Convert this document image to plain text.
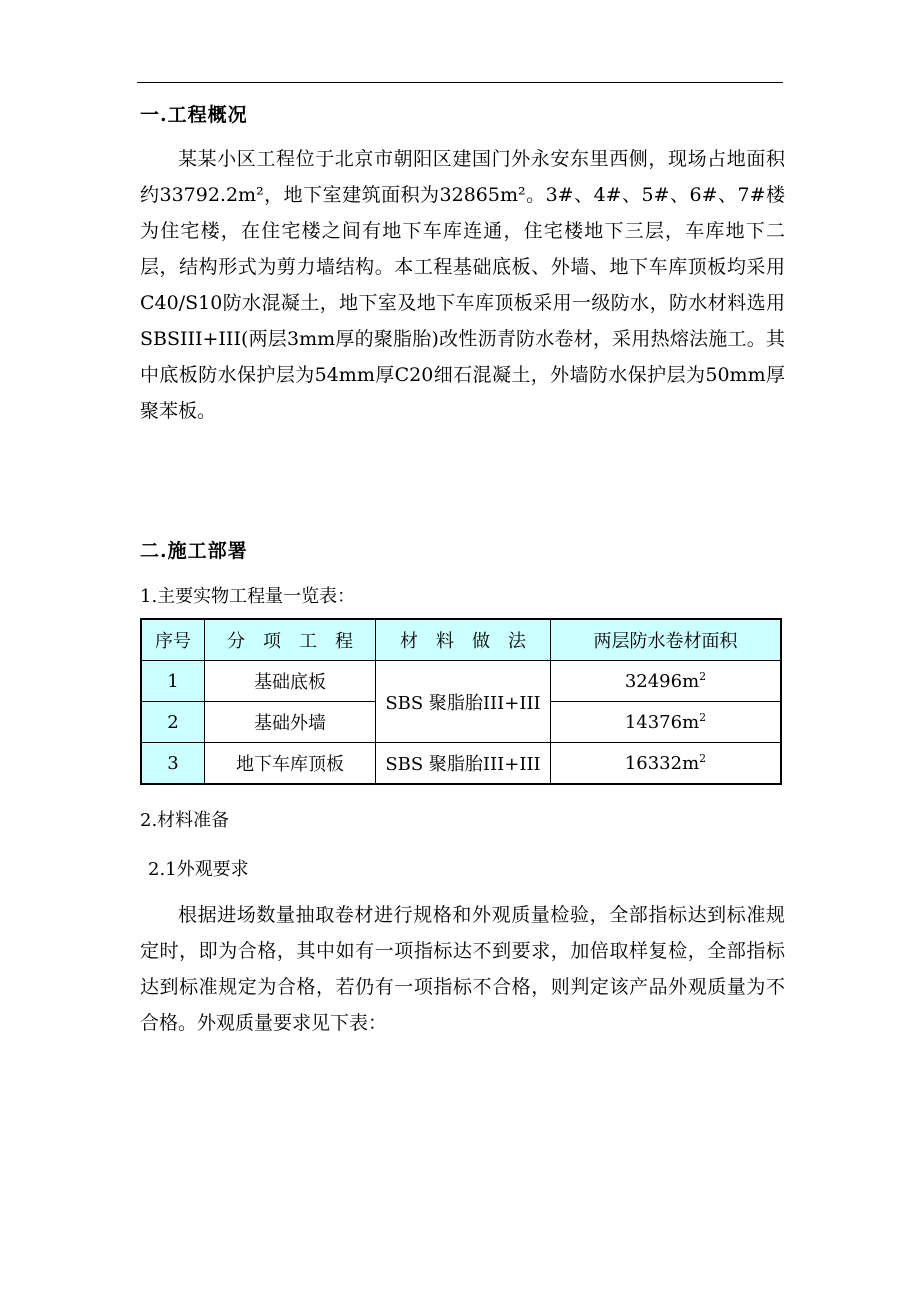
一.工程概况

某某小区工程位于北京市朝阳区建国门外永安东里西侧，现场占地面积约33792.2m²，地下室建筑面积为32865m²。3#、4#、5#、6#、7#楼为住宅楼，在住宅楼之间有地下车库连通，住宅楼地下三层，车库地下二层，结构形式为剪力墙结构。本工程基础底板、外墙、地下车库顶板均采用C40/S10防水混凝土，地下室及地下车库顶板采用一级防水，防水材料选用SBSIII+III(两层3mm厚的聚脂胎)改性沥青防水卷材，采用热熔法施工。其中底板防水保护层为54mm厚C20细石混凝土，外墙防水保护层为50mm厚聚苯板。

二.施工部署
1.主要实物工程量一览表：
序号	分　项　工　程	材　料　做　法	两层防水卷材面积
1	基础底板	SBS 聚脂胎III+III	$32496m^2$
2	基础外墙		$14376m^2$
3	地下车库顶板	SBS 聚脂胎III+III	$16332m^2$
2.材料准备
2.1外观要求

根据进场数量抽取卷材进行规格和外观质量检验，全部指标达到标准规定时，即为合格，其中如有一项指标达不到要求，加倍取样复检，全部指标达到标准规定为合格，若仍有一项指标不合格，则判定该产品外观质量为不合格。外观质量要求见下表：
